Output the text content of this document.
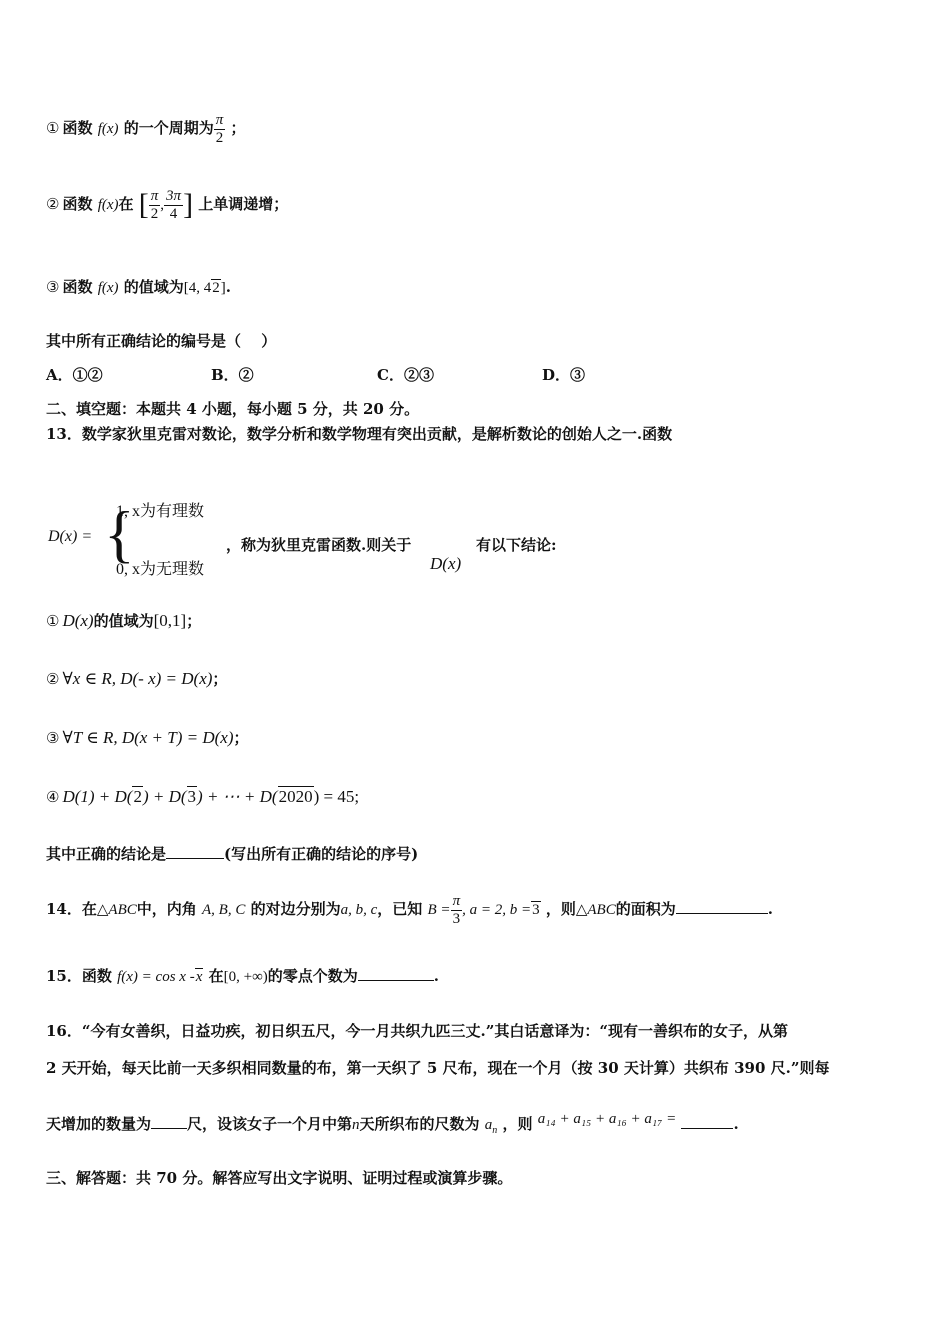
① 函数 f(x) 的一个周期为 $\frac{\pi}{2}$ ；
② 函数 f(x)在 [ $\frac{\pi}{2}$ , $\frac{3\pi}{4}$ ] 上单调递增；
③ 函数 f(x) 的值域为[4, 42].
其中所有正确结论的编号是（　 ）
A．①②	B．②	C．②③	D．③
二、填空题：本题共 4 小题，每小题 5 分，共 20 分。
13．数学家狄里克雷对数论，数学分析和数学物理有突出贡献，是解析数论的创始人之一.函数
D(x) = {
1, x为有理数
0, x为无理数
，称为狄里克雷函数.则关于
D(x)
有以下结论:
① D(x)的值域为[0,1]；
② ∀x ∈ R, D(- x) = D(x)；
③ ∀T ∈ R, D(x + T) = D(x)；
④ D(1) + D(2) + D(3) + ⋯ + D(2020) = 45;
其中正确的结论是	(写出所有正确的结论的序号)
14．在△ABC中，内角 A, B, C 的对边分别为a, b, c，已知 $B = \frac{\pi}{3}$ , a = 2, b =3 ，则△ABC的面积为	.
15．函数 f(x) = cos x -x 在[0, +∞)的零点个数为	.
16．“今有女善织，日益功疾，初日织五尺，今一月共织九匹三丈.”其白话意译为：“现有一善织布的女子，从第
2 天开始，每天比前一天多织相同数量的布，第一天织了 5 尺布，现在一个月（按 30 天计算）共织布 390 尺.”则每
天增加的数量为 尺，设该女子一个月中第n天所织布的尺数为 $a_n$ ，则 a₁₄ + a₁₅ + a₁₆ + a₁₇ =	.
三、解答题：共 70 分。解答应写出文字说明、证明过程或演算步骤。
